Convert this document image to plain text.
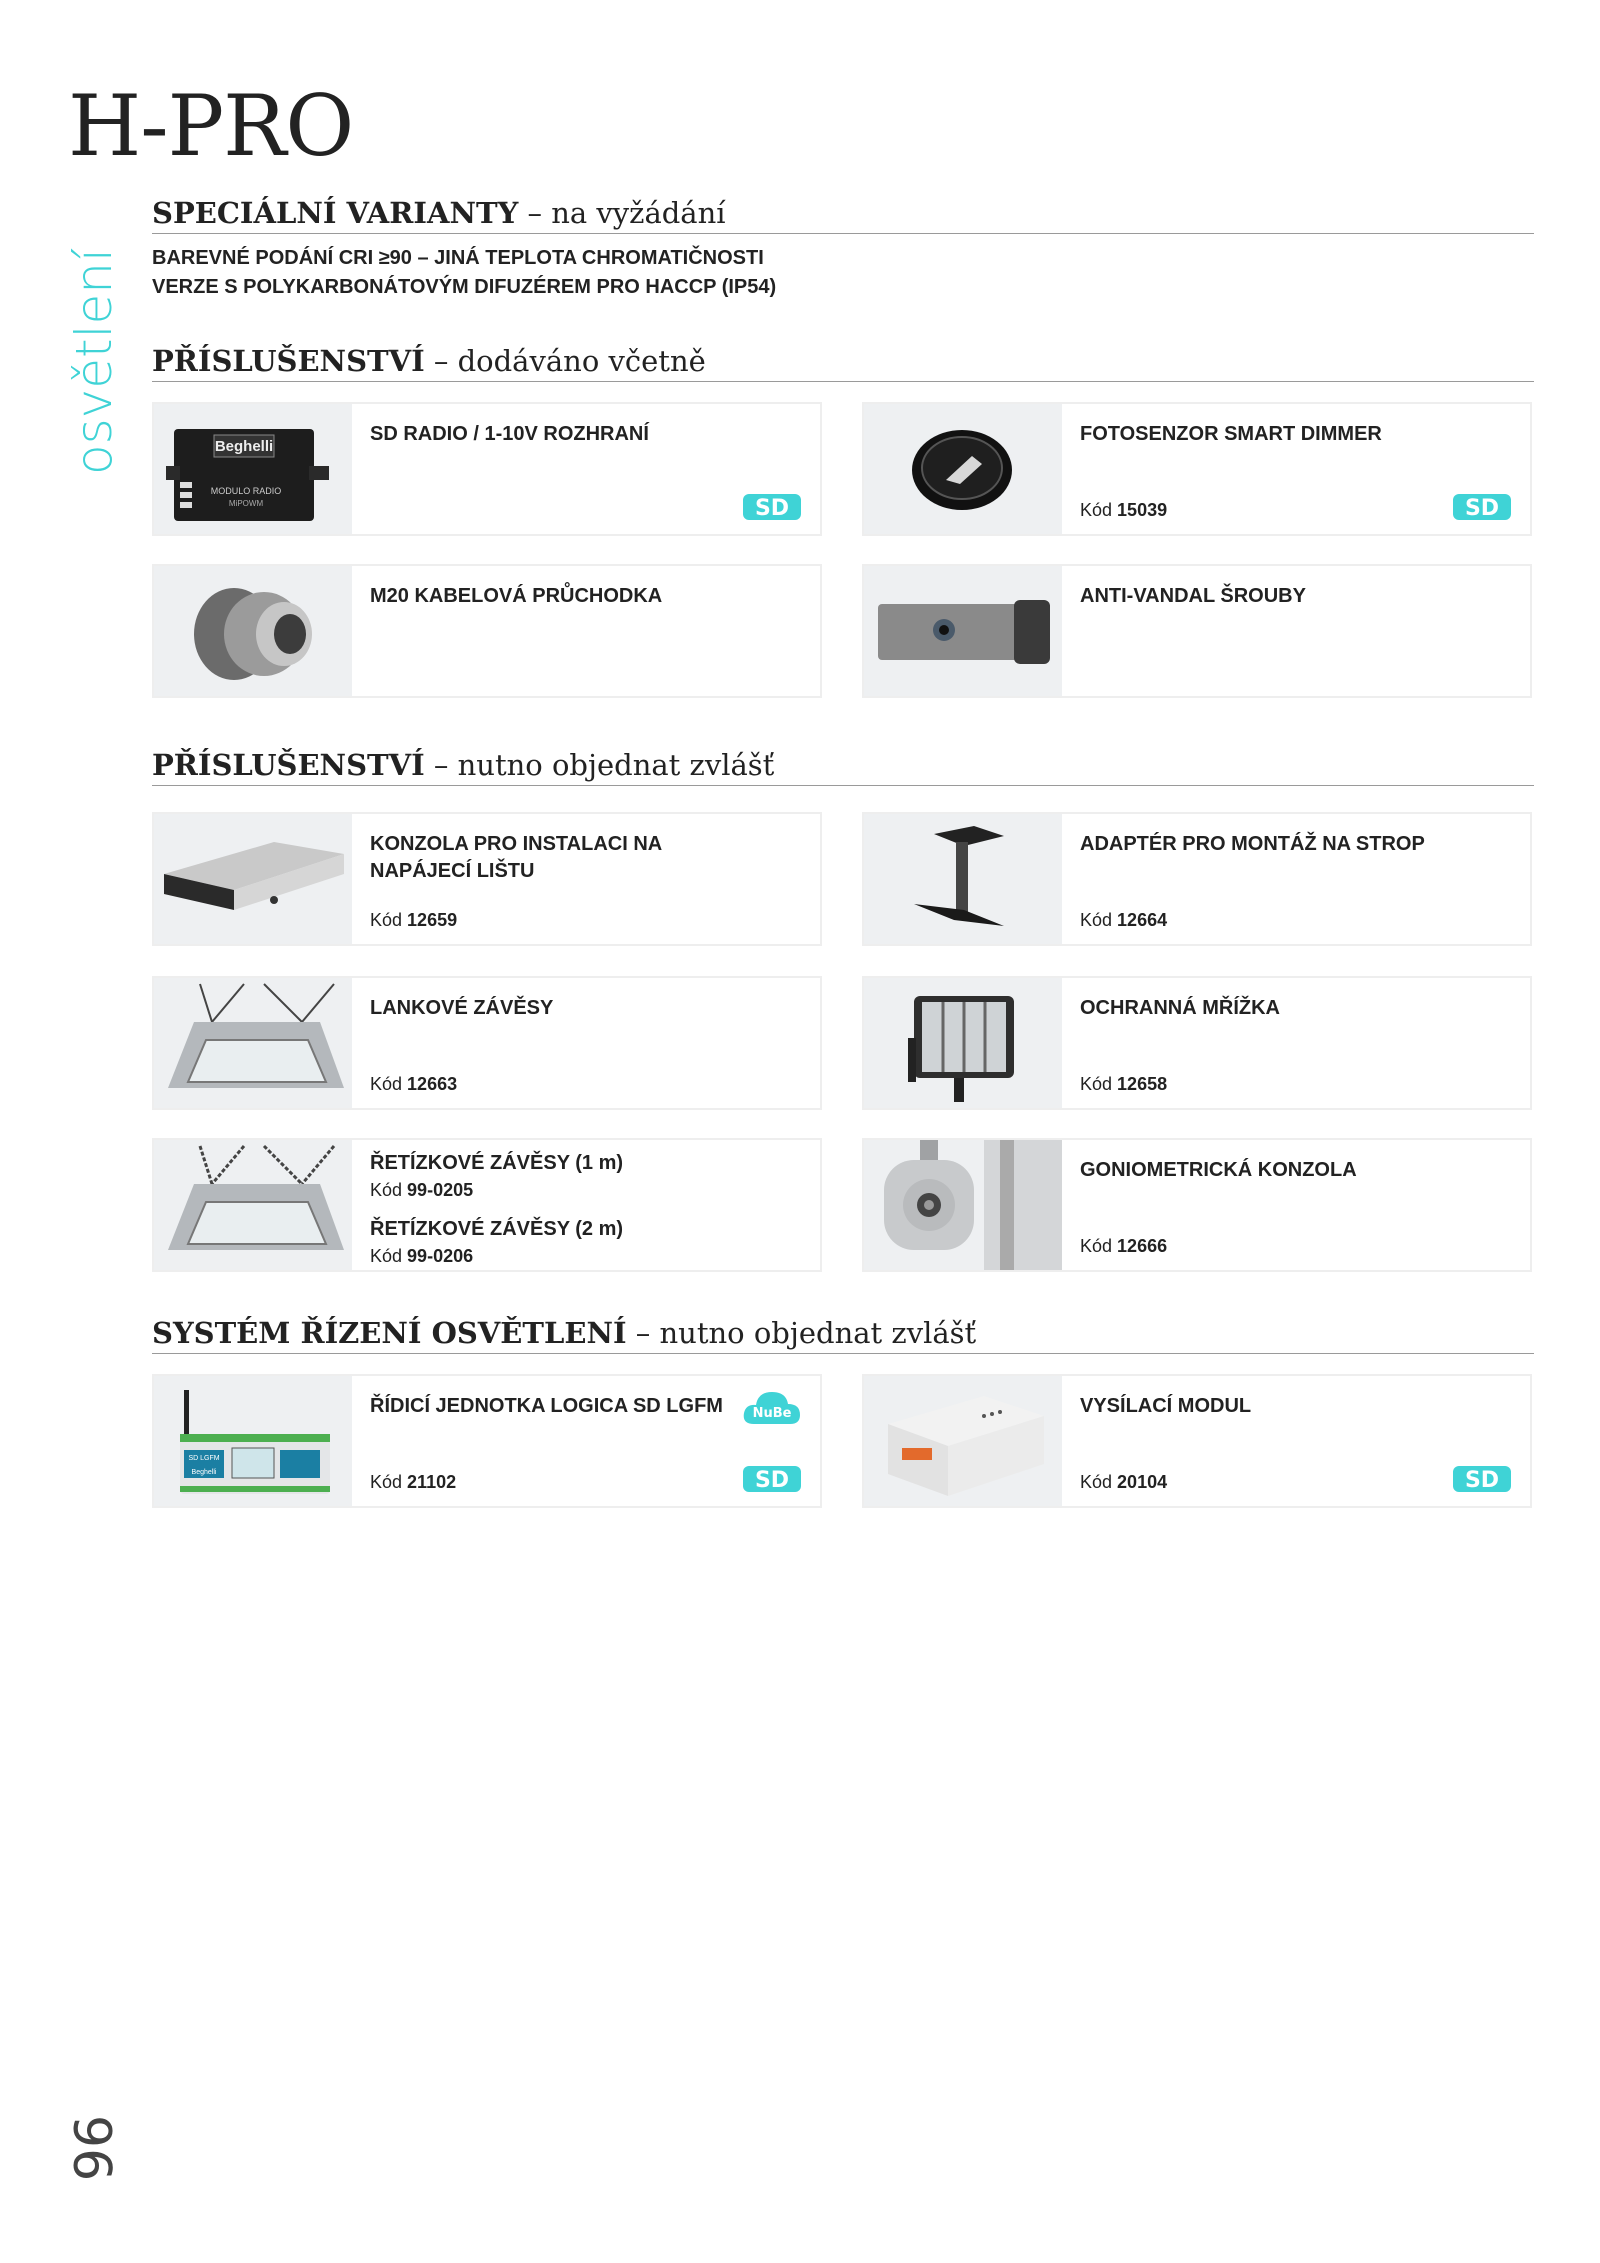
H-PRO
osvětlení
96
SPECIÁLNÍ VARIANTY – na vyžádání
BAREVNÉ PODÁNÍ CRI ≥90 – JINÁ TEPLOTA CHROMATIČNOSTI
VERZE S POLYKARBONÁTOVÝM DIFUZÉREM PRO HACCP (IP54)
PŘÍSLUŠENSTVÍ – dodáváno včetně
Beghelli
MODULO RADIO
MiPOWM
SD RADIO / 1-10V ROZHRANÍ
SD
FOTOSENZOR SMART DIMMER
Kód 15039	SD
M20 KABELOVÁ PRŮCHODKA	ANTI-VANDAL ŠROUBY
PŘÍSLUŠENSTVÍ – nutno objednat zvlášť
KONZOLA PRO INSTALACI NA NAPÁJECÍ LIŠTU
Kód 12659
ADAPTÉR PRO MONTÁŽ NA STROP
Kód 12664
LANKOVÉ ZÁVĚSY
Kód 12663
OCHRANNÁ MŘÍŽKA
Kód 12658
ŘETÍZKOVÉ ZÁVĚSY (1 m)
Kód 99-0205
ŘETÍZKOVÉ ZÁVĚSY (2 m)
Kód 99-0206
GONIOMETRICKÁ KONZOLA
Kód 12666
SYSTÉM ŘÍZENÍ OSVĚTLENÍ – nutno objednat zvlášť
SD LGFM
Beghelli
ŘÍDICÍ JEDNOTKA LOGICA SD LGFM
Kód 21102
NuBe
SD
VYSÍLACÍ MODUL
Kód 20104	SD
